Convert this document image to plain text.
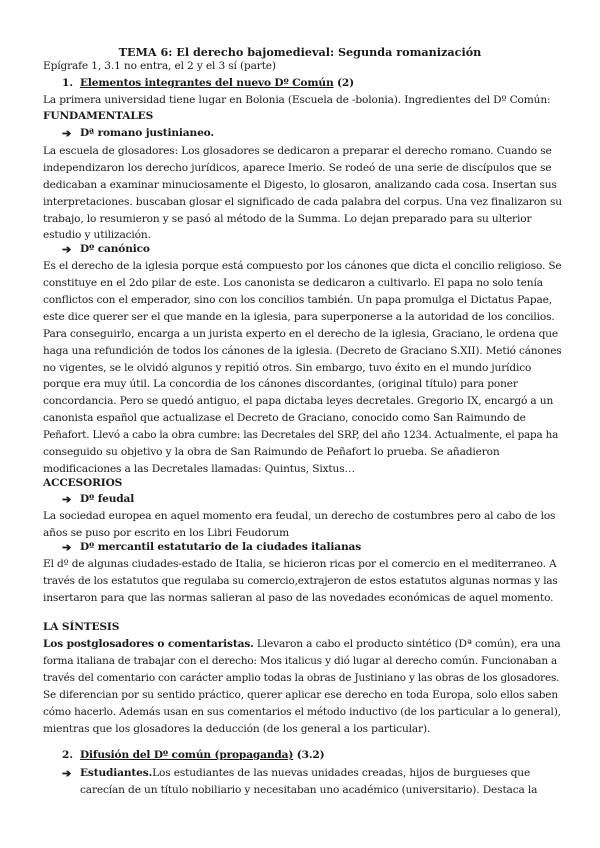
TEMA 6: El derecho bajomedieval: Segunda romanización
Epígrafe 1, 3.1 no entra, el 2 y el 3 sí (parte)
1. Elementos integrantes del nuevo Dº Común (2)
La primera universidad tiene lugar en Bolonia (Escuela de -bolonia). Ingredientes del Dº Común:
FUNDAMENTALES
➔ Dª romano justinianeo.
La escuela de glosadores: Los glosadores se dedicaron a preparar el derecho romano. Cuando se
independizaron los derecho jurídicos, aparece Imerio. Se rodeó de una serie de discípulos que se
dedicaban a examinar minuciosamente el Digesto, lo glosaron, analizando cada cosa. Insertan sus
interpretaciones. buscaban glosar el significado de cada palabra del corpus. Una vez finalizaron su
trabajo, lo resumieron y se pasó al método de la Summa. Lo dejan preparado para su ulterior
estudio y utilización.
➔ Dº canónico
Es el derecho de la iglesia porque está compuesto por los cánones que dicta el concilio religioso. Se
constituye en el 2do pilar de este. Los canonista se dedicaron a cultivarlo. El papa no solo tenía
conflictos con el emperador, sino con los concilios también. Un papa promulga el Dictatus Papae,
este dice querer ser el que mande en la iglesia, para superponerse a la autoridad de los concilios.
Para conseguirlo, encarga a un jurista experto en el derecho de la iglesia, Graciano, le ordena que
haga una refundición de todos los cánones de la iglesia. (Decreto de Graciano S.XII). Metió cánones
no vigentes, se le olvidó algunos y repitió otros. Sin embargo, tuvo éxito en el mundo jurídico
porque era muy útil. La concordia de los cánones discordantes, (original título) para poner
concordancia. Pero se quedó antiguo, el papa dictaba leyes decretales. Gregorio IX, encargó a un
canonista español que actualizase el Decreto de Graciano, conocido como San Raimundo de
Peñafort. Llevó a cabo la obra cumbre: las Decretales del SRP, del año 1234. Actualmente, el papa ha
conseguido su objetivo y la obra de San Raimundo de Peñafort lo prueba. Se añadieron
modificaciones a las Decretales llamadas: Quintus, Sixtus…
ACCESORIOS
➔ Dº feudal
La sociedad europea en aquel momento era feudal, un derecho de costumbres pero al cabo de los
años se puso por escrito en los Libri Feudorum
➔ Dº mercantil estatutario de la ciudades italianas
El dº de algunas ciudades-estado de Italia, se hicieron ricas por el comercio en el mediterraneo. A
través de los estatutos que regulaba su comercio,extrajeron de estos estatutos algunas normas y las
insertaron para que las normas salieran al paso de las novedades económicas de aquel momento.
LA SÍNTESIS
Los postglosadores o comentaristas. Llevaron a cabo el producto sintético (Dª común), era una
forma italiana de trabajar con el derecho: Mos italicus y dió lugar al derecho común. Funcionaban a
través del comentario con carácter amplio todas la obras de Justiniano y las obras de los glosadores.
Se diferencian por su sentido práctico, querer aplicar ese derecho en toda Europa, solo ellos saben
cómo hacerlo. Además usan en sus comentarios el método inductivo (de los particular a lo general),
mientras que los glosadores la deducción (de los general a los particular).
2. Difusión del Dº común (propaganda) (3.2)
➔ Estudiantes.Los estudiantes de las nuevas unidades creadas, hijos de burgueses que
carecían de un título nobiliario y necesitaban uno académico (universitario). Destaca la
